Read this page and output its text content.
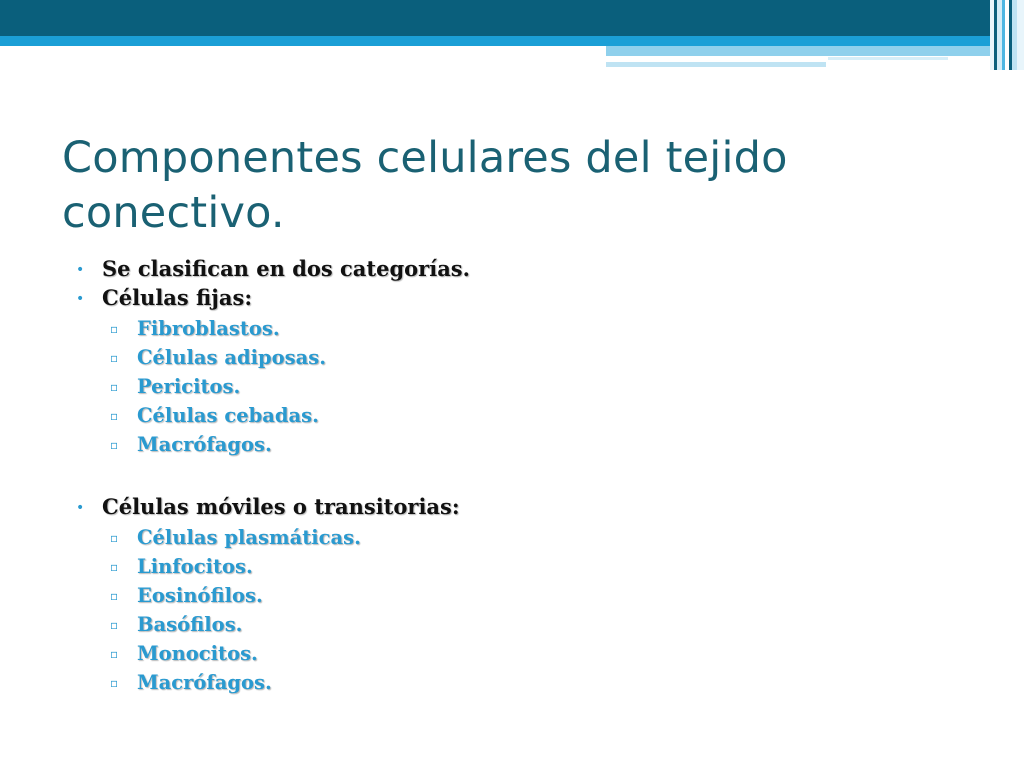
Componentes celulares del tejido conectivo.
• Se clasifican en dos categorías.
• Células fijas:
▫ Fibroblastos.
▫ Células adiposas.
▫ Pericitos.
▫ Células cebadas.
▫ Macrófagos.
• Células móviles o transitorias:
▫ Células plasmáticas.
▫ Linfocitos.
▫ Eosinófilos.
▫ Basófilos.
▫ Monocitos.
▫ Macrófagos.
